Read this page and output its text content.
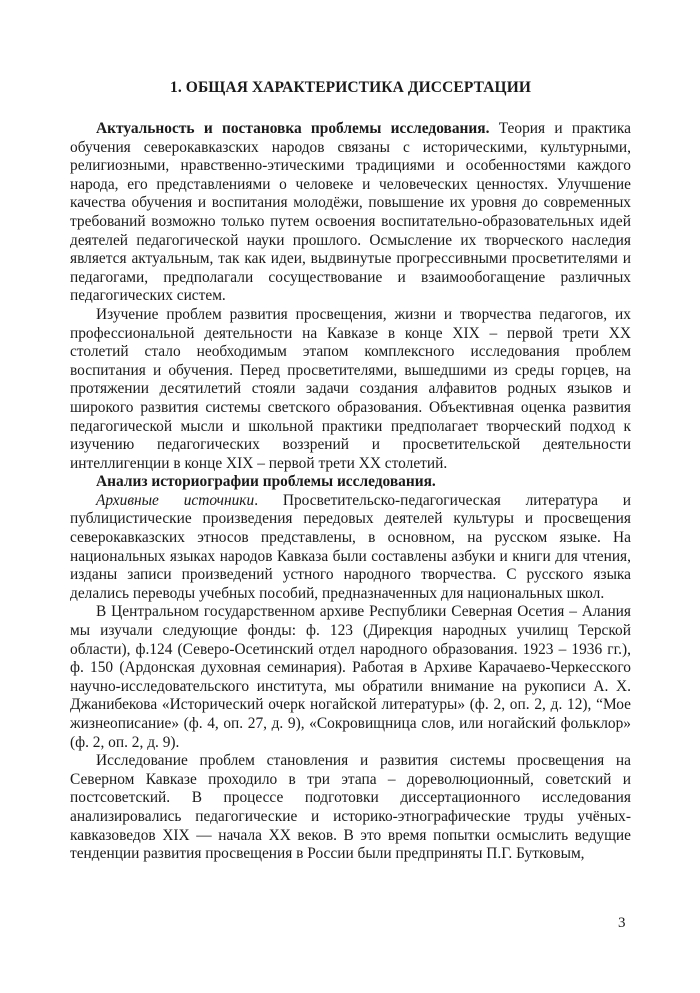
1. ОБЩАЯ ХАРАКТЕРИСТИКА ДИССЕРТАЦИИ

Актуальность и постановка проблемы исследования. Теория и практика обучения северокавказских народов связаны с историческими, культурными, религиозными, нравственно-этическими традициями и особенностями каждого народа, его представлениями о человеке и человеческих ценностях. Улучшение качества обучения и воспитания молодёжи, повышение их уровня до современных требований возможно только путем освоения воспитательно-образовательных идей деятелей педагогической науки прошлого. Осмысление их творческого наследия является актуальным, так как идеи, выдвинутые прогрессивными просветителями и педагогами, предполагали сосуществование и взаимообогащение различных педагогических систем.

Изучение проблем развития просвещения, жизни и творчества педагогов, их профессиональной деятельности на Кавказе в конце XIX – первой трети XX столетий стало необходимым этапом комплексного исследования проблем воспитания и обучения. Перед просветителями, вышедшими из среды горцев, на протяжении десятилетий стояли задачи создания алфавитов родных языков и широкого развития системы светского образования. Объективная оценка развития педагогической мысли и школьной практики предполагает творческий подход к изучению педагогических воззрений и просветительской деятельности интеллигенции в конце XIX – первой трети XX столетий.

Анализ историографии проблемы исследования.

Архивные источники. Просветительско-педагогическая литература и публицистические произведения передовых деятелей культуры и просвещения северокавказских этносов представлены, в основном, на русском языке. На национальных языках народов Кавказа были составлены азбуки и книги для чтения, изданы записи произведений устного народного творчества. С русского языка делались переводы учебных пособий, предназначенных для национальных школ.

В Центральном государственном архиве Республики Северная Осетия – Алания мы изучали следующие фонды: ф. 123 (Дирекция народных училищ Терской области), ф.124 (Северо-Осетинский отдел народного образования. 1923 – 1936 гг.), ф. 150 (Ардонская духовная семинария). Работая в Архиве Карачаево-Черкесского научно-исследовательского института, мы обратили внимание на рукописи А. Х. Джанибекова «Исторический очерк ногайской литературы» (ф. 2, оп. 2, д. 12), “Мое жизнеописание» (ф. 4, оп. 27, д. 9), «Сокровищница слов, или ногайский фольклор» (ф. 2, оп. 2, д. 9).

Исследование проблем становления и развития системы просвещения на Северном Кавказе проходило в три этапа – дореволюционный, советский и постсоветский. В процессе подготовки диссертационного исследования анализировались педагогические и историко-этнографические труды учёных-кавказоведов XIX — начала XX веков. В это время попытки осмыслить ведущие тенденции развития просвещения в России были предприняты П.Г. Бутковым,

3
